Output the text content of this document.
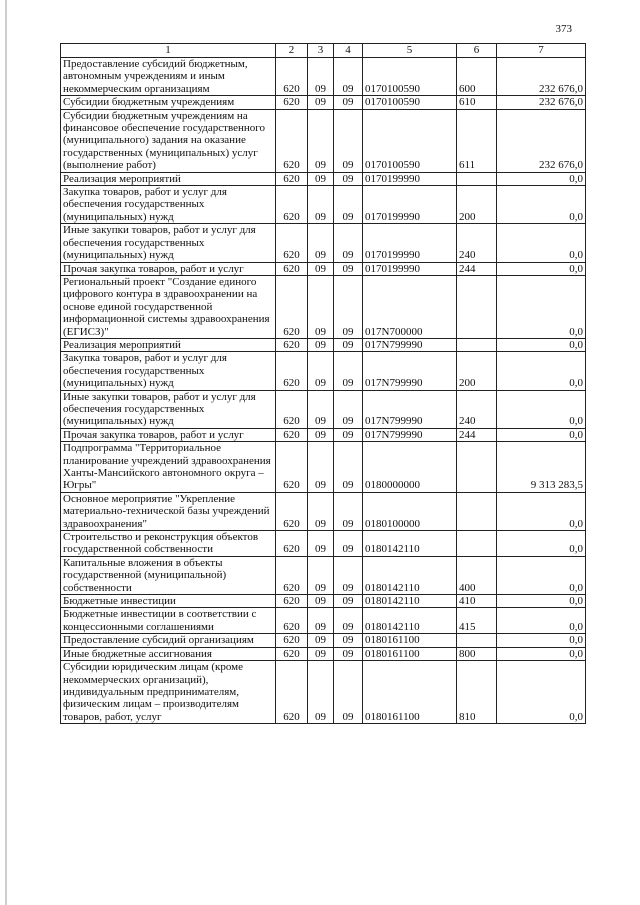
373
1	2	3	4	5	6	7
Предоставление субсидий бюджетным, автономным учреждениям и иным некоммерческим организациям	620	09	09	0170100590	600	232 676,0
Субсидии бюджетным учреждениям	620	09	09	0170100590	610	232 676,0
Субсидии бюджетным учреждениям на финансовое обеспечение государственного (муниципального) задания на оказание государственных (муниципальных) услуг (выполнение работ)	620	09	09	0170100590	611	232 676,0
Реализация мероприятий	620	09	09	0170199990		0,0
Закупка товаров, работ и услуг для обеспечения государственных (муниципальных) нужд	620	09	09	0170199990	200	0,0
Иные закупки товаров, работ и услуг для обеспечения государственных (муниципальных) нужд	620	09	09	0170199990	240	0,0
Прочая закупка товаров, работ и услуг	620	09	09	0170199990	244	0,0
Региональный проект "Создание единого цифрового контура в здравоохранении на основе единой государственной информационной системы здравоохранения (ЕГИСЗ)"	620	09	09	017N700000		0,0
Реализация мероприятий	620	09	09	017N799990		0,0
Закупка товаров, работ и услуг для обеспечения государственных (муниципальных) нужд	620	09	09	017N799990	200	0,0
Иные закупки товаров, работ и услуг для обеспечения государственных (муниципальных) нужд	620	09	09	017N799990	240	0,0
Прочая закупка товаров, работ и услуг	620	09	09	017N799990	244	0,0
Подпрограмма "Территориальное планирование учреждений здравоохранения Ханты-Мансийского автономного округа – Югры"	620	09	09	0180000000		9 313 283,5
Основное мероприятие "Укрепление материально-технической базы учреждений здравоохранения"	620	09	09	0180100000		0,0
Строительство и реконструкция объектов государственной собственности	620	09	09	0180142110		0,0
Капитальные вложения в объекты государственной (муниципальной) собственности	620	09	09	0180142110	400	0,0
Бюджетные инвестиции	620	09	09	0180142110	410	0,0
Бюджетные инвестиции в соответствии с концессионными соглашениями	620	09	09	0180142110	415	0,0
Предоставление субсидий организациям	620	09	09	0180161100		0,0
Иные бюджетные ассигнования	620	09	09	0180161100	800	0,0
Субсидии юридическим лицам (кроме некоммерческих организаций), индивидуальным предпринимателям, физическим лицам – производителям товаров, работ, услуг	620	09	09	0180161100	810	0,0
